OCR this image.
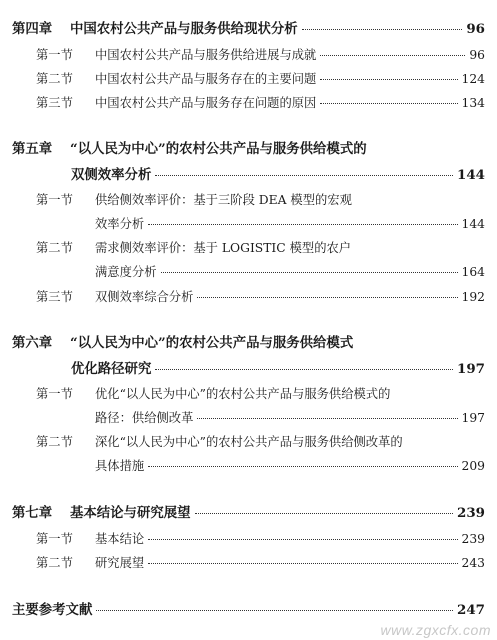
第四章	中国农村公共产品与服务供给现状分析	96
第一节	中国农村公共产品与服务供给进展与成就	96
第二节	中国农村公共产品与服务存在的主要问题	124
第三节	中国农村公共产品与服务存在问题的原因	134
第五章	“以人民为中心”的农村公共产品与服务供给模式的
双侧效率分析	144
第一节	供给侧效率评价：基于三阶段 DEA 模型的宏观
效率分析	144
第二节	需求侧效率评价：基于 LOGISTIC 模型的农户
满意度分析	164
第三节	双侧效率综合分析	192
第六章	“以人民为中心”的农村公共产品与服务供给模式
优化路径研究	197
第一节	优化“以人民为中心”的农村公共产品与服务供给模式的
路径：供给侧改革	197
第二节	深化“以人民为中心”的农村公共产品与服务供给侧改革的
具体措施	209
第七章	基本结论与研究展望	239
第一节	基本结论	239
第二节	研究展望	243
主要参考文献	247
www.zgxcfx.com
